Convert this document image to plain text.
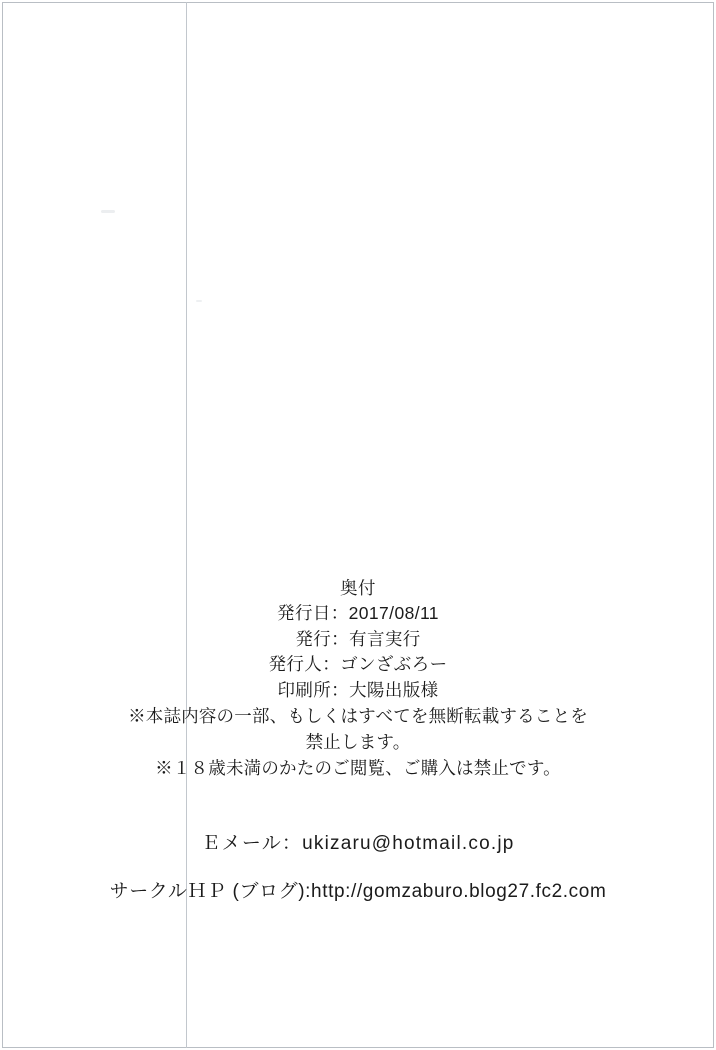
奥付
発行日：2017/08/11
発行：有言実行
発行人：ゴンざぶろー
印刷所：大陽出版様
※本誌内容の一部、もしくはすべてを無断転載することを
禁止します。
※１８歳未満のかたのご閲覧、ご購入は禁止です。
Ｅメール：ukizaru@hotmail.co.jp
サークルＨＰ (ブログ):http://gomzaburo.blog27.fc2.com
